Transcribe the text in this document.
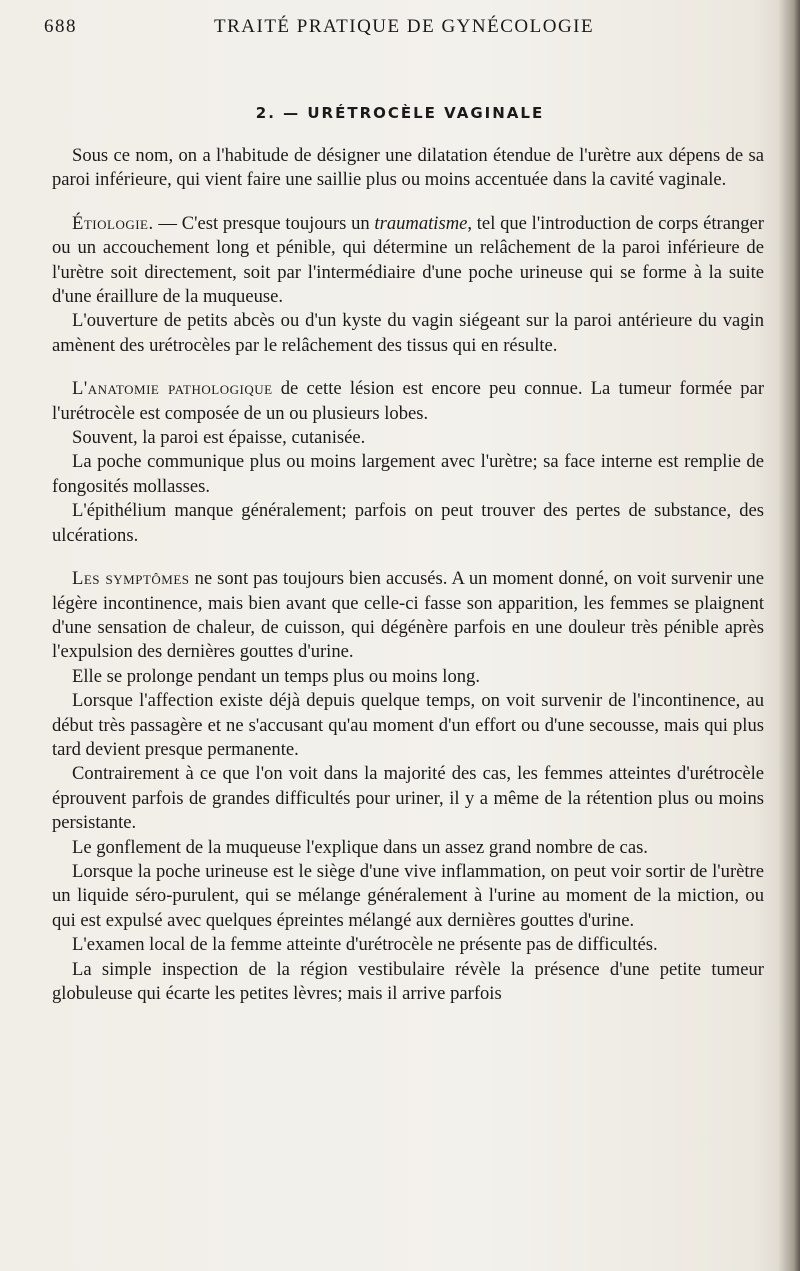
688	TRAITÉ PRATIQUE DE GYNÉCOLOGIE
2. — URÉTROCÈLE VAGINALE

Sous ce nom, on a l'habitude de désigner une dilatation étendue de l'urètre aux dépens de sa paroi inférieure, qui vient faire une saillie plus ou moins accentuée dans la cavité vaginale.

Étiologie. — C'est presque toujours un traumatisme, tel que l'introduction de corps étranger ou un accouchement long et pénible, qui détermine un relâchement de la paroi inférieure de l'urètre soit directement, soit par l'intermédiaire d'une poche urineuse qui se forme à la suite d'une éraillure de la muqueuse.

L'ouverture de petits abcès ou d'un kyste du vagin siégeant sur la paroi antérieure du vagin amènent des urétrocèles par le relâchement des tissus qui en résulte.

L'anatomie pathologique de cette lésion est encore peu connue. La tumeur formée par l'urétrocèle est composée de un ou plusieurs lobes.

Souvent, la paroi est épaisse, cutanisée.

La poche communique plus ou moins largement avec l'urètre; sa face interne est remplie de fongosités mollasses.

L'épithélium manque généralement; parfois on peut trouver des pertes de substance, des ulcérations.

Les symptômes ne sont pas toujours bien accusés. A un moment donné, on voit survenir une légère incontinence, mais bien avant que celle-ci fasse son apparition, les femmes se plaignent d'une sensation de chaleur, de cuisson, qui dégénère parfois en une douleur très pénible après l'expulsion des dernières gouttes d'urine.

Elle se prolonge pendant un temps plus ou moins long.

Lorsque l'affection existe déjà depuis quelque temps, on voit survenir de l'incontinence, au début très passagère et ne s'accusant qu'au moment d'un effort ou d'une secousse, mais qui plus tard devient presque permanente.

Contrairement à ce que l'on voit dans la majorité des cas, les femmes atteintes d'urétrocèle éprouvent parfois de grandes difficultés pour uriner, il y a même de la rétention plus ou moins persistante.

Le gonflement de la muqueuse l'explique dans un assez grand nombre de cas.

Lorsque la poche urineuse est le siège d'une vive inflammation, on peut voir sortir de l'urètre un liquide séro-purulent, qui se mélange généralement à l'urine au moment de la miction, ou qui est expulsé avec quelques épreintes mélangé aux dernières gouttes d'urine.

L'examen local de la femme atteinte d'urétrocèle ne présente pas de difficultés.

La simple inspection de la région vestibulaire révèle la présence d'une petite tumeur globuleuse qui écarte les petites lèvres; mais il arrive parfois
